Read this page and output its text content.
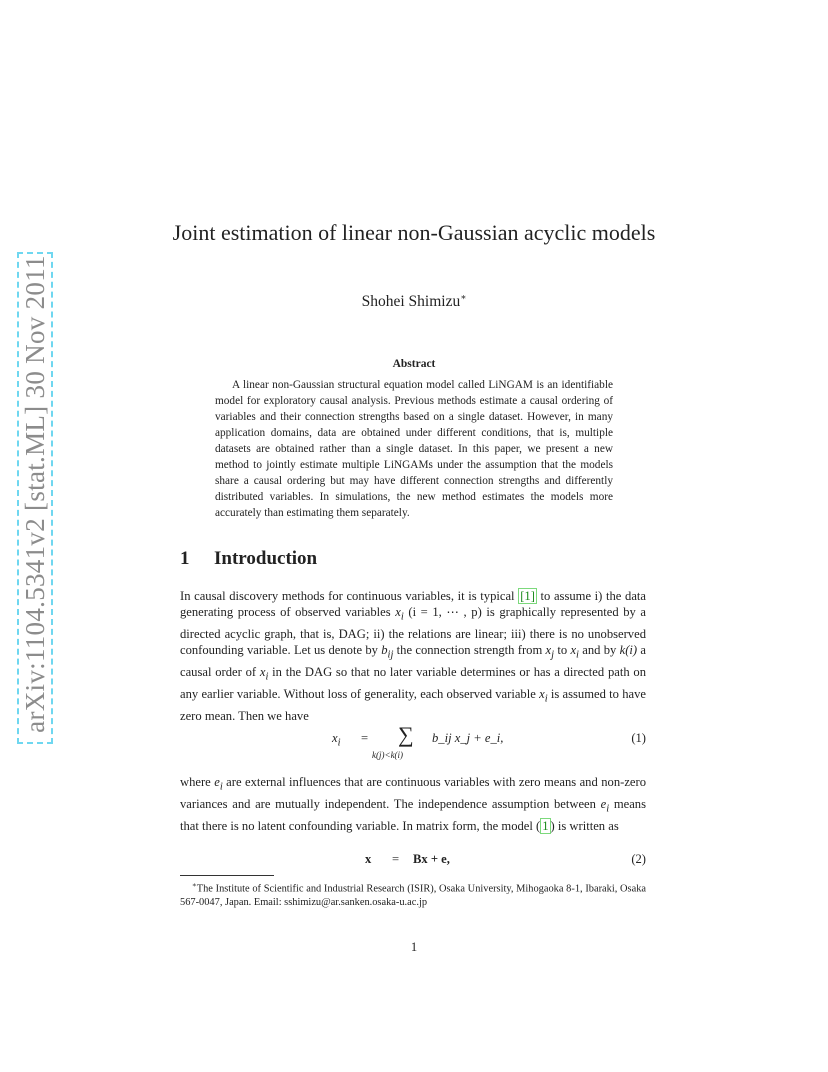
arXiv:1104.5341v2 [stat.ML] 30 Nov 2011
Joint estimation of linear non-Gaussian acyclic models
Shohei Shimizu∗
Abstract

A linear non-Gaussian structural equation model called LiNGAM is an identifiable model for exploratory causal analysis. Previous methods estimate a causal ordering of variables and their connection strengths based on a single dataset. However, in many application domains, data are obtained under different conditions, that is, multiple datasets are obtained rather than a single dataset. In this paper, we present a new method to jointly estimate multiple LiNGAMs under the assumption that the models share a causal ordering but may have different connection strengths and differently distributed variables. In simulations, the new method estimates the models more accurately than estimating them separately.

1 Introduction

In causal discovery methods for continuous variables, it is typical [1] to assume i) the data generating process of observed variables $x_i$ (i = 1, ⋯ , p) is graphically represented by a directed acyclic graph, that is, DAG; ii) the relations are linear; iii) there is no unobserved confounding variable. Let us denote by $b_{ij}$ the connection strength from $x_j$ to $x_i$ and by k(i) a causal order of $x_i$ in the DAG so that no later variable determines or has a directed path on any earlier variable. Without loss of generality, each observed variable $x_i$ is assumed to have zero mean. Then we have

$x_i$ = ∑
k(j)<k(i)
b_ij x_j + e_i,	(1)

where $e_i$ are external influences that are continuous variables with zero means and non-zero variances and are mutually independent. The independence assumption between $e_i$ means that there is no latent confounding variable. In matrix form, the model ( 1 ) is written as

x = Bx + e,	(2)

∗The Institute of Scientific and Industrial Research (ISIR), Osaka University, Mihogaoka 8-1, Ibaraki, Osaka 567-0047, Japan. Email: sshimizu@ar.sanken.osaka-u.ac.jp

1
